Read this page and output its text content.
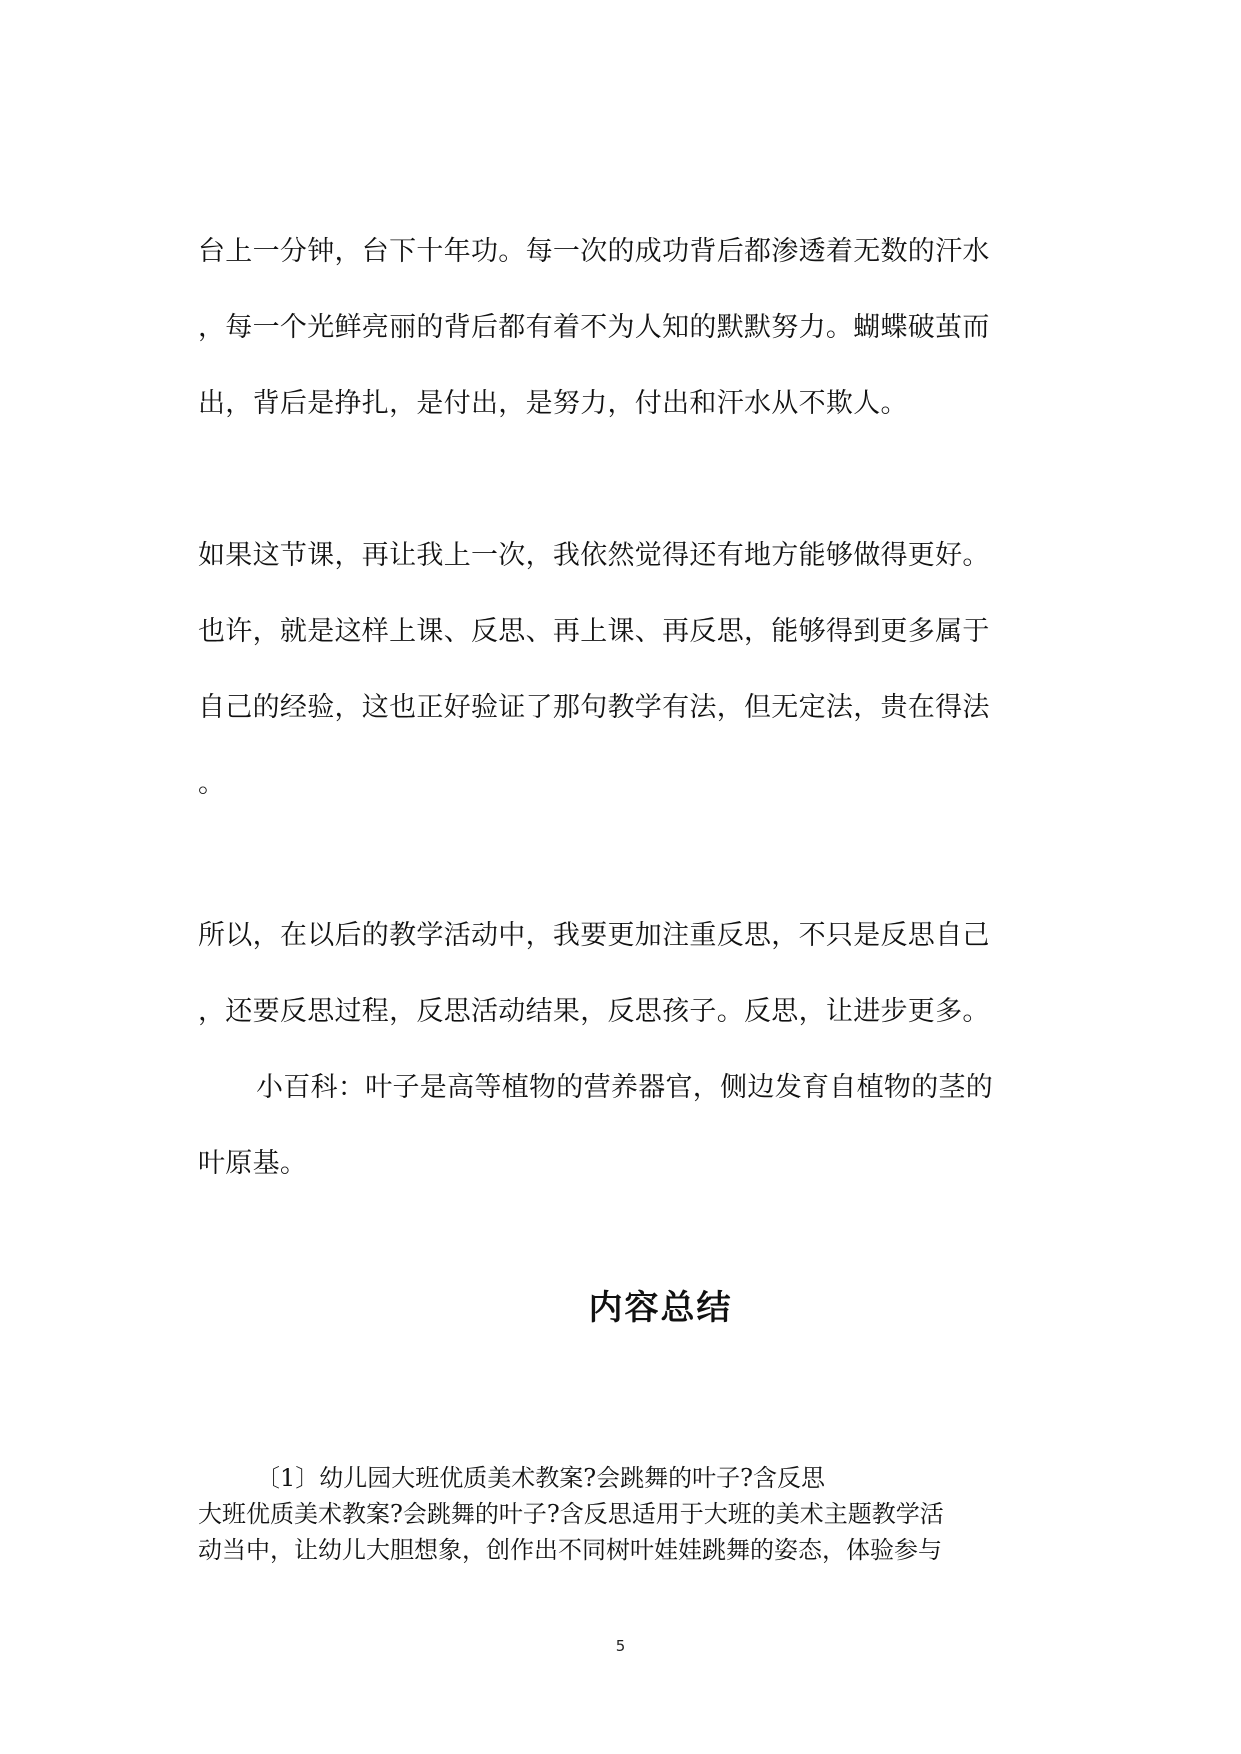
台上一分钟，台下十年功。每一次的成功背后都渗透着无数的汗水
，每一个光鲜亮丽的背后都有着不为人知的默默努力。蝴蝶破茧而
出，背后是挣扎，是付出，是努力，付出和汗水从不欺人。
如果这节课，再让我上一次，我依然觉得还有地方能够做得更好。
也许，就是这样上课、反思、再上课、再反思，能够得到更多属于
自己的经验，这也正好验证了那句教学有法，但无定法，贵在得法
。
所以，在以后的教学活动中，我要更加注重反思，不只是反思自己
，还要反思过程，反思活动结果，反思孩子。反思，让进步更多。
小百科：叶子是高等植物的营养器官，侧边发育自植物的茎的
叶原基。
内容总结
〔1〕幼儿园大班优质美术教案?会跳舞的叶子?含反思
大班优质美术教案?会跳舞的叶子?含反思适用于大班的美术主题教学活
动当中，让幼儿大胆想象，创作出不同树叶娃娃跳舞的姿态，体验参与
5
